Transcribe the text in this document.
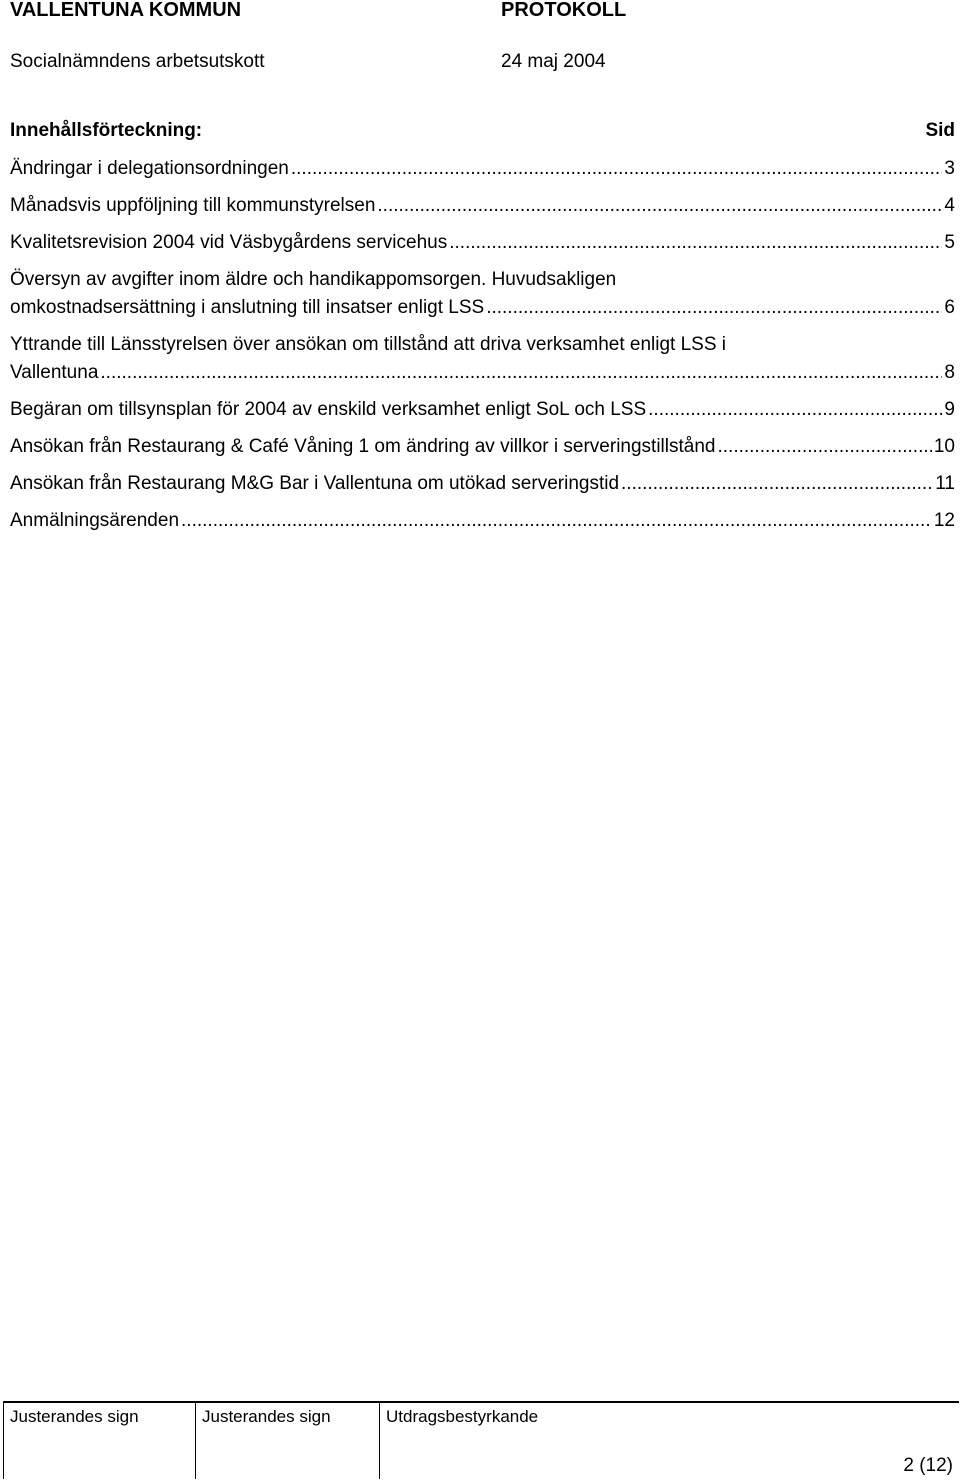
VALLENTUNA KOMMUN	PROTOKOLL
Socialnämndens arbetsutskott	24 maj 2004
Innehållsförteckning:	Sid
Ändringar i delegationsordningen .....	3
Månadsvis uppföljning till kommunstyrelsen .....	4
Kvalitetsrevision 2004 vid Väsbygårdens servicehus .....	5
Översyn av avgifter inom äldre och handikappomsorgen. Huvudsakligen
omkostnadsersättning i anslutning till insatser enligt LSS .....	6
Yttrande till Länsstyrelsen över ansökan om tillstånd att driva verksamhet enligt LSS i
Vallentuna .....	8
Begäran om tillsynsplan för 2004 av enskild verksamhet enligt SoL och LSS .....	9
Ansökan från Restaurang & Café Våning 1 om ändring av villkor i serveringstillstånd .....	10
Ansökan från Restaurang M&G Bar i Vallentuna om utökad serveringstid .....	11
Anmälningsärenden .....	12
Justerandes sign	Justerandes sign	Utdragsbestyrkande
2 (12)
